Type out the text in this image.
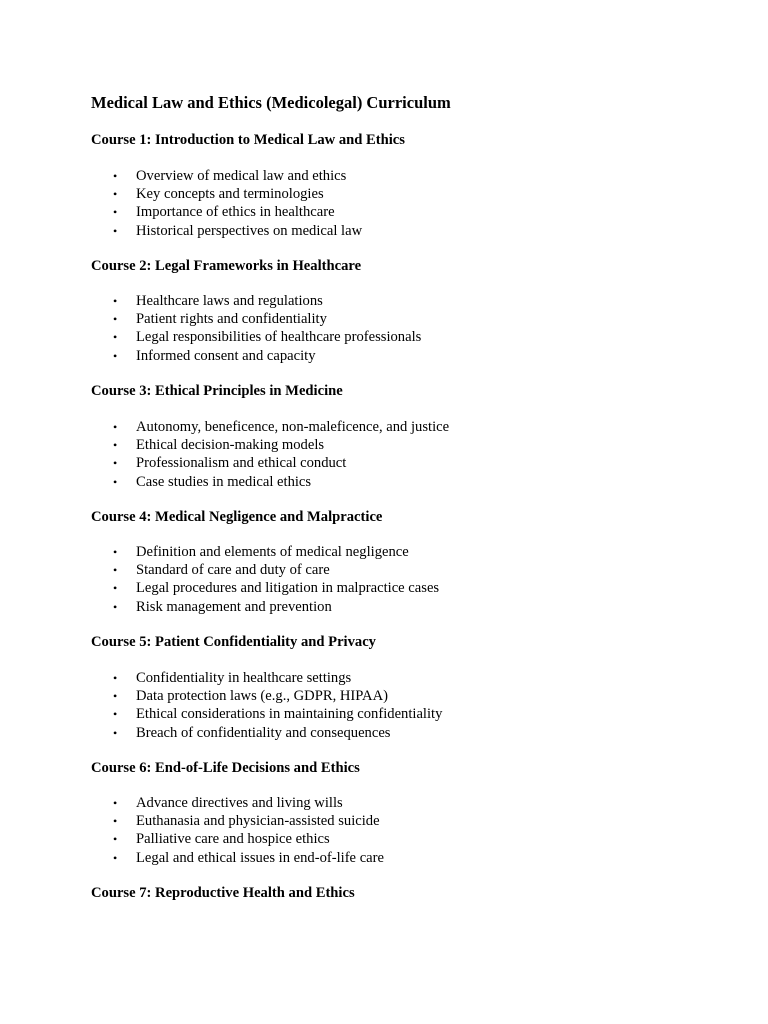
Medical Law and Ethics (Medicolegal) Curriculum
Course 1: Introduction to Medical Law and Ethics
• Overview of medical law and ethics
• Key concepts and terminologies
• Importance of ethics in healthcare
• Historical perspectives on medical law
Course 2: Legal Frameworks in Healthcare
• Healthcare laws and regulations
• Patient rights and confidentiality
• Legal responsibilities of healthcare professionals
• Informed consent and capacity
Course 3: Ethical Principles in Medicine
• Autonomy, beneficence, non-maleficence, and justice
• Ethical decision-making models
• Professionalism and ethical conduct
• Case studies in medical ethics
Course 4: Medical Negligence and Malpractice
• Definition and elements of medical negligence
• Standard of care and duty of care
• Legal procedures and litigation in malpractice cases
• Risk management and prevention
Course 5: Patient Confidentiality and Privacy
• Confidentiality in healthcare settings
• Data protection laws (e.g., GDPR, HIPAA)
• Ethical considerations in maintaining confidentiality
• Breach of confidentiality and consequences
Course 6: End-of-Life Decisions and Ethics
• Advance directives and living wills
• Euthanasia and physician-assisted suicide
• Palliative care and hospice ethics
• Legal and ethical issues in end-of-life care
Course 7: Reproductive Health and Ethics
